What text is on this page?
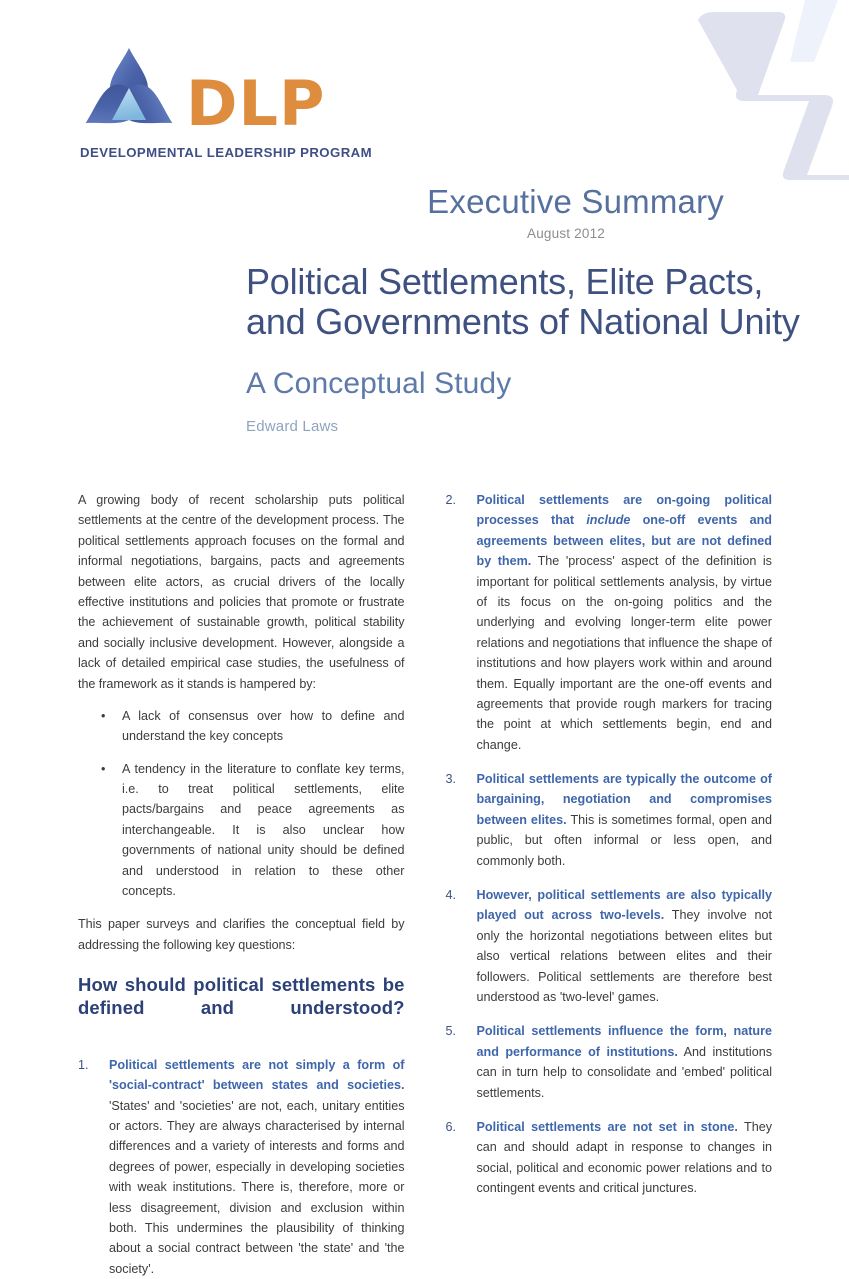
DLP
DEVELOPMENTAL LEADERSHIP PROGRAM
Executive Summary
August 2012
Political Settlements, Elite Pacts, and Governments of National Unity
A Conceptual Study
Edward Laws

A growing body of recent scholarship puts political settlements at the centre of the development process. The political settlements approach focuses on the formal and informal negotiations, bargains, pacts and agreements between elite actors, as crucial drivers of the locally effective institutions and policies that promote or frustrate the achievement of sustainable growth, political stability and socially inclusive development. However, alongside a lack of detailed empirical case studies, the usefulness of the framework as it stands is hampered by:

• A lack of consensus over how to define and understand the key concepts
• A tendency in the literature to conflate key terms, i.e. to treat political settlements, elite pacts/bargains and peace agreements as interchangeable. It is also unclear how governments of national unity should be defined and understood in relation to these other concepts.

This paper surveys and clarifies the conceptual field by addressing the following key questions:

How should political settlements be defined and understood?
1.	Political settlements are not simply a form of 'social-contract' between states and societies. 'States' and 'societies' are not, each, unitary entities or actors. They are always characterised by internal differences and a variety of interests and forms and degrees of power, especially in developing societies with weak institutions. There is, therefore, more or less disagreement, division and exclusion within both. This undermines the plausibility of thinking about a social contract between 'the state' and 'the society'.
2.	Political settlements are on-going political processes that include one-off events and agreements between elites, but are not defined by them. The 'process' aspect of the definition is important for political settlements analysis, by virtue of its focus on the on-going politics and the underlying and evolving longer-term elite power relations and negotiations that influence the shape of institutions and how players work within and around them. Equally important are the one-off events and agreements that provide rough markers for tracing the point at which settlements begin, end and change.
3.	Political settlements are typically the outcome of bargaining, negotiation and compromises between elites. This is sometimes formal, open and public, but often informal or less open, and commonly both.
4.	However, political settlements are also typically played out across two-levels. They involve not only the horizontal negotiations between elites but also vertical relations between elites and their followers. Political settlements are therefore best understood as 'two-level' games.
5.	Political settlements influence the form, nature and performance of institutions. And institutions can in turn help to consolidate and 'embed' political settlements.
6.	Political settlements are not set in stone. They can and should adapt in response to changes in social, political and economic power relations and to contingent events and critical junctures.
